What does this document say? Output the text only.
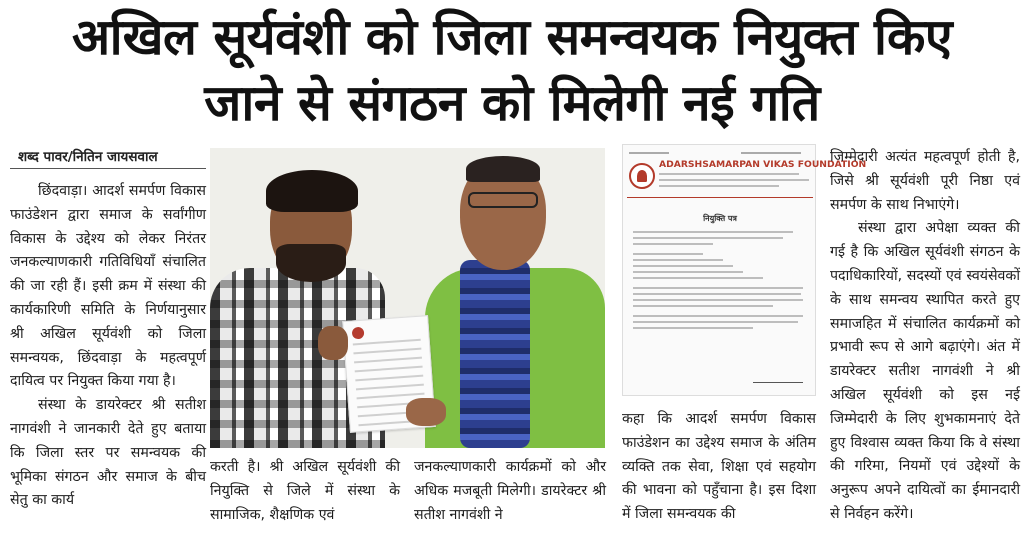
अखिल सूर्यवंशी को जिला समन्वयक नियुक्त किए
जाने से संगठन को मिलेगी नई गति
शब्द पावर/नितिन जायसवाल

छिंदवाड़ा। आदर्श समर्पण विकास फाउंडेशन द्वारा समाज के सर्वांगीण विकास के उद्देश्य को लेकर निरंतर जनकल्याणकारी गतिविधियाँ संचालित की जा रही हैं। इसी क्रम में संस्था की कार्यकारिणी समिति के निर्णयानुसार श्री अखिल सूर्यवंशी को जिला समन्वयक, छिंदवाड़ा के महत्वपूर्ण दायित्व पर नियुक्त किया गया है।

संस्था के डायरेक्टर श्री सतीश नागवंशी ने जानकारी देते हुए बताया कि जिला स्तर पर समन्वयक की भूमिका संगठन और समाज के बीच सेतु का कार्य

करती है। श्री अखिल सूर्यवंशी की नियुक्ति से जिले में संस्था के सामाजिक, शैक्षणिक एवं

जनकल्याणकारी कार्यक्रमों को और अधिक मजबूती मिलेगी। डायरेक्टर श्री सतीश नागवंशी ने

ADARSHSAMARPAN VIKAS FOUNDATION
नियुक्ति पत्र

कहा कि आदर्श समर्पण विकास फाउंडेशन का उद्देश्य समाज के अंतिम व्यक्ति तक सेवा, शिक्षा एवं सहयोग की भावना को पहुँचाना है। इस दिशा में जिला समन्वयक की

जिम्मेदारी अत्यंत महत्वपूर्ण होती है, जिसे श्री सूर्यवंशी पूरी निष्ठा एवं समर्पण के साथ निभाएंगे।

संस्था द्वारा अपेक्षा व्यक्त की गई है कि अखिल सूर्यवंशी संगठन के पदाधिकारियों, सदस्यों एवं स्वयंसेवकों के साथ समन्वय स्थापित करते हुए समाजहित में संचालित कार्यक्रमों को प्रभावी रूप से आगे बढ़ाएंगे। अंत में डायरेक्टर सतीश नागवंशी ने श्री अखिल सूर्यवंशी को इस नई जिम्मेदारी के लिए शुभकामनाएं देते हुए विश्वास व्यक्त किया कि वे संस्था की गरिमा, नियमों एवं उद्देश्यों के अनुरूप अपने दायित्वों का ईमानदारी से निर्वहन करेंगे।
